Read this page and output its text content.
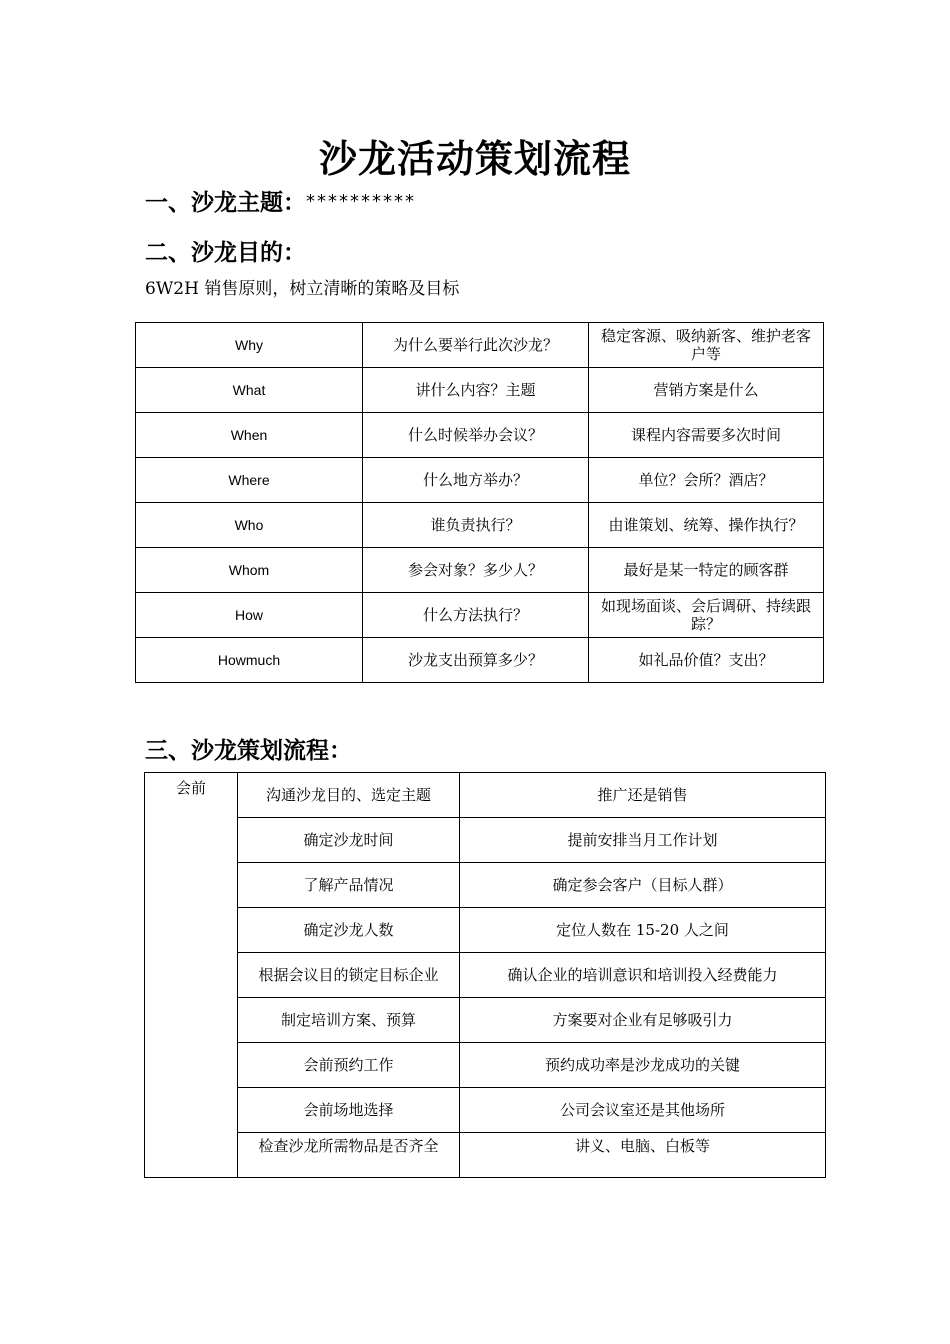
沙龙活动策划流程
一、沙龙主题：**********
二、沙龙目的：
6W2H 销售原则，树立清晰的策略及目标
Why	为什么要举行此次沙龙？	稳定客源、吸纳新客、维护老客户等
What	讲什么内容？主题	营销方案是什么
When	什么时候举办会议？	课程内容需要多次时间
Where	什么地方举办？	单位？会所？酒店？
Who	谁负责执行？	由谁策划、统筹、操作执行？
Whom	参会对象？多少人？	最好是某一特定的顾客群
How	什么方法执行？	如现场面谈、会后调研、持续跟踪？
Howmuch	沙龙支出预算多少？	如礼品价值？支出？
三、沙龙策划流程：
会前	沟通沙龙目的、选定主题	推广还是销售
	确定沙龙时间	提前安排当月工作计划
	了解产品情况	确定参会客户（目标人群）
	确定沙龙人数	定位人数在 15-20 人之间
	根据会议目的锁定目标企业	确认企业的培训意识和培训投入经费能力
	制定培训方案、预算	方案要对企业有足够吸引力
	会前预约工作	预约成功率是沙龙成功的关键
	会前场地选择	公司会议室还是其他场所
	检查沙龙所需物品是否齐全	讲义、电脑、白板等
